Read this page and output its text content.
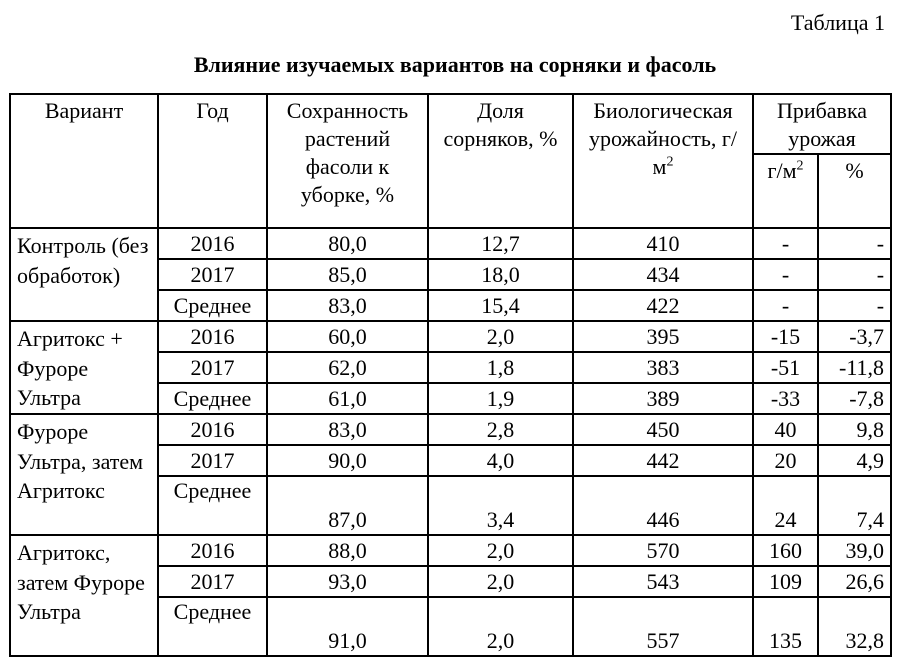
Таблица 1
Влияние изучаемых вариантов на сорняки и фасоль
Вариант	Год	Сохранность растений фасоли к уборке, %	Доля сорняков, %	Биологическая урожайность, $г/м^2$	Прибавка урожая	

					$г/м^2$	%
Контроль (без обработок)	2016	80,0	12,7	410	-	-
	2017	85,0	18,0	434	-	-
	Среднее	83,0	15,4	422	-	-
Агритокс + Фуроре Ультра	2016	60,0	2,0	395	-15	-3,7
	2017	62,0	1,8	383	-51	-11,8
	Среднее	61,0	1,9	389	-33	-7,8
Фуроре Ультра, затем Агритокс	2016	83,0	2,8	450	40	9,8
	2017	90,0	4,0	442	20	4,9
	Среднее	87,0	3,4	446	24	7,4
Агритокс, затем Фуроре Ультра	2016	88,0	2,0	570	160	39,0
	2017	93,0	2,0	543	109	26,6
	Среднее	91,0	2,0	557	135	32,8
